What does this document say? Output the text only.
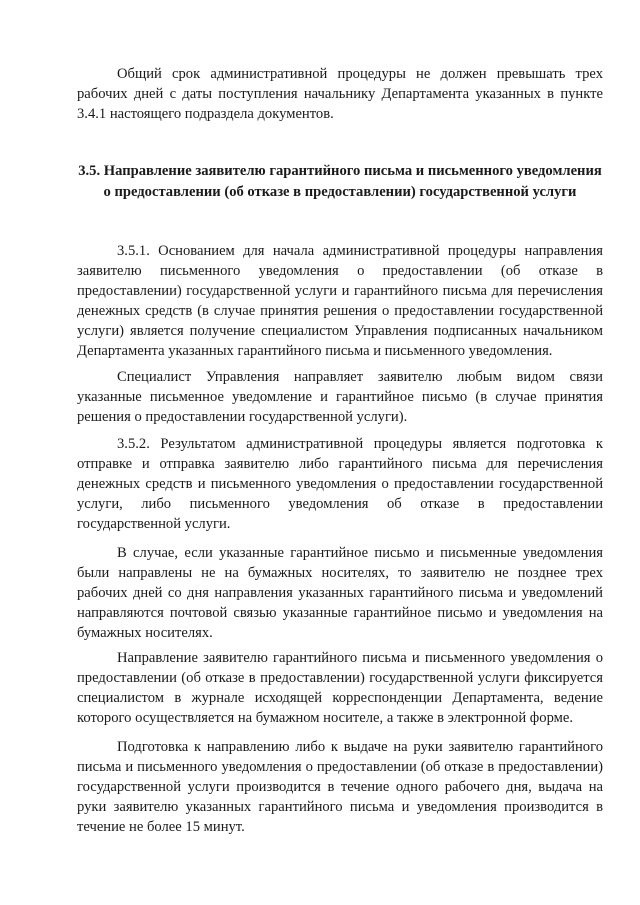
Общий срок административной процедуры не должен превышать трех рабочих дней с даты поступления начальнику Департамента указанных в пункте 3.4.1 настоящего подраздела документов.

3.5. Направление заявителю гарантийного письма и письменного уведомления о предоставлении (об отказе в предоставлении) государственной услуги

3.5.1. Основанием для начала административной процедуры направления заявителю письменного уведомления о предоставлении (об отказе в предоставлении) государственной услуги и гарантийного письма для перечисления денежных средств (в случае принятия решения о предоставлении государственной услуги) является получение специалистом Управления подписанных начальником Департамента указанных гарантийного письма и письменного уведомления.

Специалист Управления направляет заявителю любым видом связи указанные письменное уведомление и гарантийное письмо (в случае принятия решения о предоставлении государственной услуги).

3.5.2. Результатом административной процедуры является подготовка к отправке и отправка заявителю либо гарантийного письма для перечисления денежных средств и письменного уведомления о предоставлении государственной услуги, либо письменного уведомления об отказе в предоставлении государственной услуги.

В случае, если указанные гарантийное письмо и письменные уведомления были направлены не на бумажных носителях, то заявителю не позднее трех рабочих дней со дня направления указанных гарантийного письма и уведомлений направляются почтовой связью указанные гарантийное письмо и уведомления на бумажных носителях.

Направление заявителю гарантийного письма и письменного уведомления о предоставлении (об отказе в предоставлении) государственной услуги фиксируется специалистом в журнале исходящей корреспонденции Департамента, ведение которого осуществляется на бумажном носителе, а также в электронной форме.

Подготовка к направлению либо к выдаче на руки заявителю гарантийного письма и письменного уведомления о предоставлении (об отказе в предоставлении) государственной услуги производится в течение одного рабочего дня, выдача на руки заявителю указанных гарантийного письма и уведомления производится в течение не более 15 минут.
